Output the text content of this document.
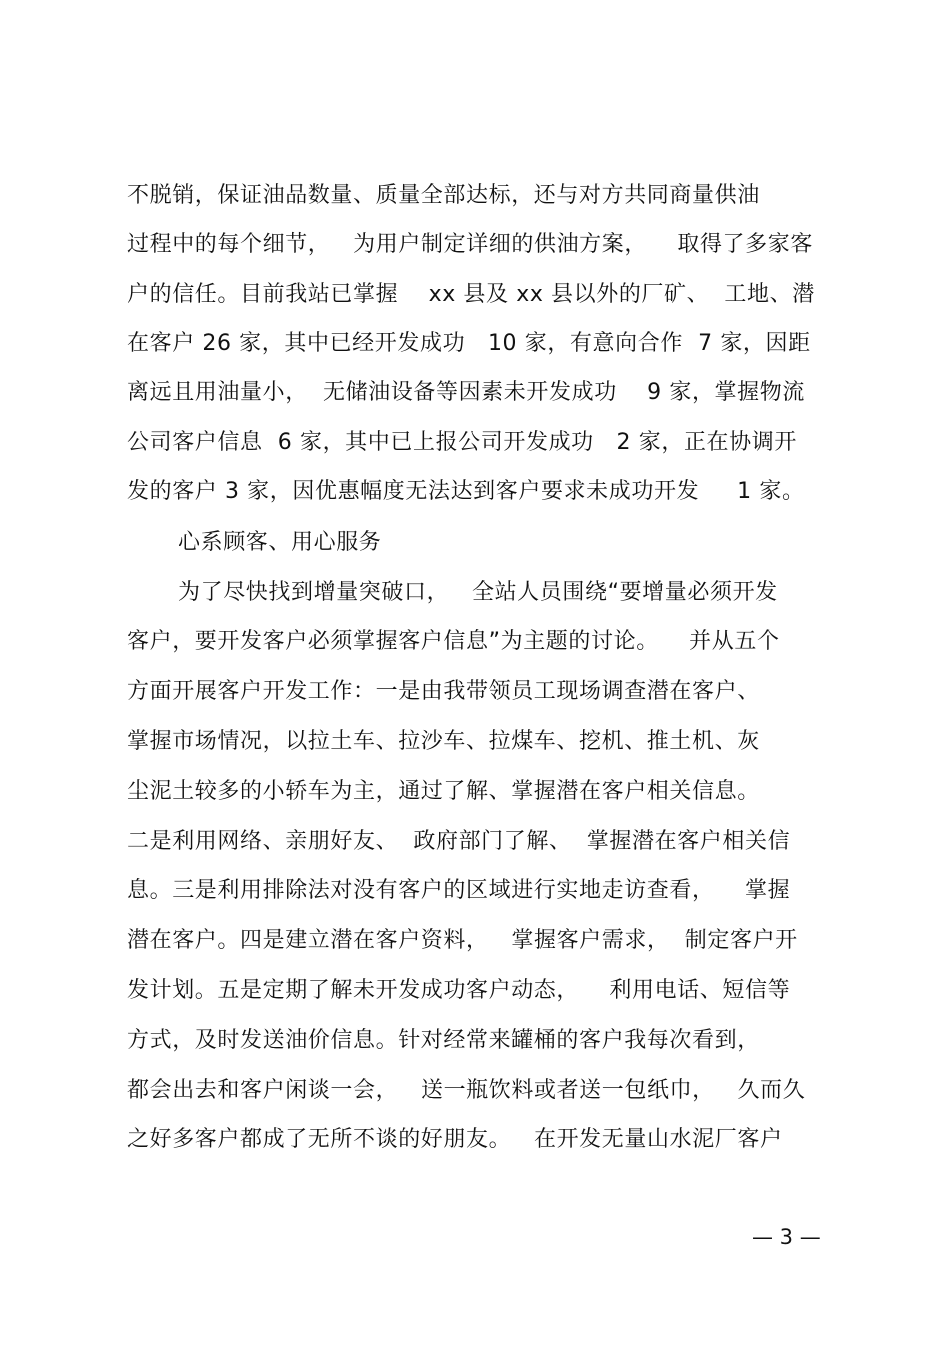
不脱销，保证油品数量、质量全部达标，还与对方共同商量供油
过程中的每个细节，   为用户制定详细的供油方案，    取得了多家客
户的信任。目前我站已掌握    xx 县及 xx 县以外的厂矿、  工地、潜
在客户 26 家，其中已经开发成功   10 家，有意向合作  7 家，因距
离远且用油量小，  无储油设备等因素未开发成功    9 家，掌握物流
公司客户信息  6 家，其中已上报公司开发成功   2 家，正在协调开
发的客户 3 家，因优惠幅度无法达到客户要求未成功开发     1 家。
心系顾客、用心服务
为了尽快找到增量突破口，   全站人员围绕“要增量必须开发
客户，要开发客户必须掌握客户信息”为主题的讨论。    并从五个
方面开展客户开发工作：一是由我带领员工现场调查潜在客户、
掌握市场情况，以拉土车、拉沙车、拉煤车、挖机、推土机、灰
尘泥土较多的小轿车为主，通过了解、掌握潜在客户相关信息。
二是利用网络、亲朋好友、  政府部门了解、  掌握潜在客户相关信
息。三是利用排除法对没有客户的区域进行实地走访查看，    掌握
潜在客户。四是建立潜在客户资料，   掌握客户需求，  制定客户开
发计划。五是定期了解未开发成功客户动态，    利用电话、短信等
方式，及时发送油价信息。针对经常来罐桶的客户我每次看到，
都会出去和客户闲谈一会，   送一瓶饮料或者送一包纸巾，   久而久
之好多客户都成了无所不谈的好朋友。   在开发无量山水泥厂客户
— 3 —
